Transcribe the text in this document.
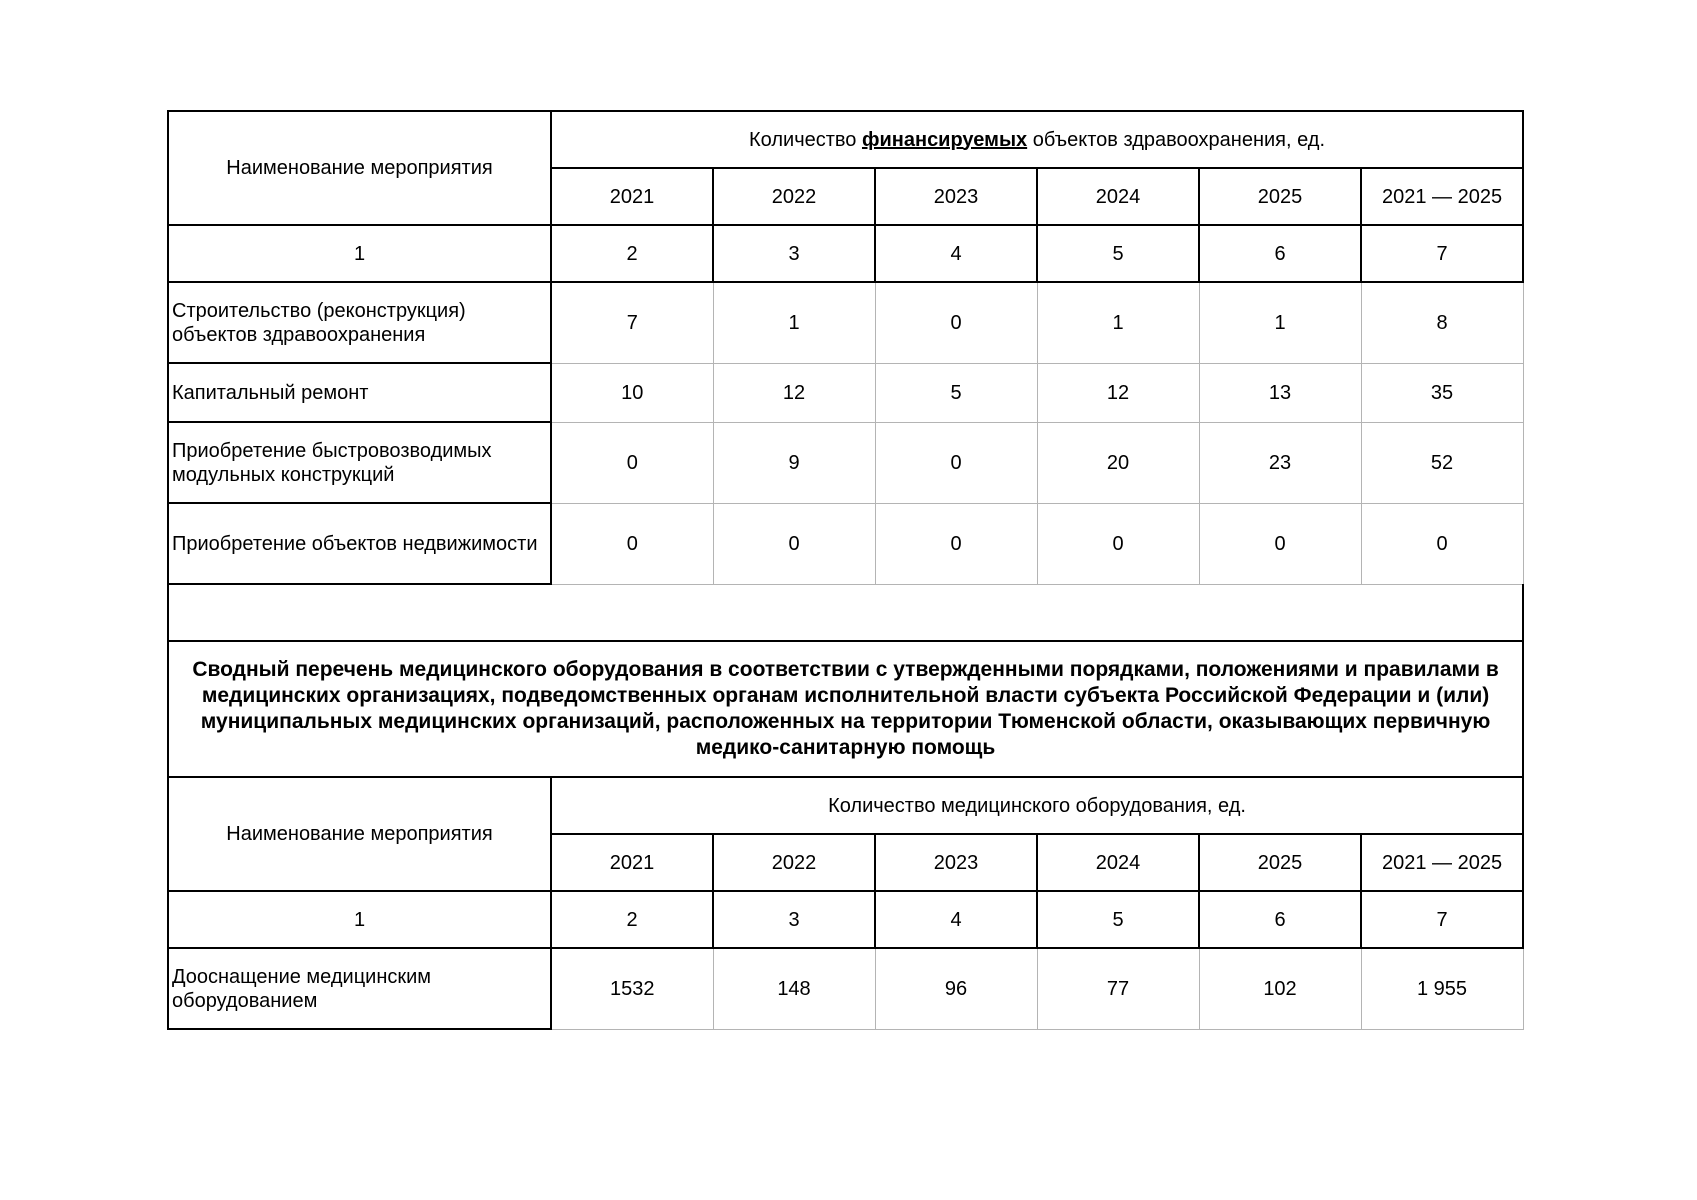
Наименование мероприятия	Количество финансируемых объектов здравоохранения, ед.					
	2021	2022	2023	2024	2025	2021 — 2025
1	2	3	4	5	6	7
Строительство (реконструкция) объектов здравоохранения	7	1	0	1	1	8
Капитальный ремонт	10	12	5	12	13	35
Приобретение быстровозводимых модульных конструкций	0	9	0	20	23	52
Приобретение объектов недвижимости	0	0	0	0	0	0

Сводный перечень медицинского оборудования в соответствии с утвержденными порядками, положениями и правилами в медицинских организациях, подведомственных органам исполнительной власти субъекта Российской Федерации и (или) муниципальных медицинских организаций, расположенных на территории Тюменской области, оказывающих первичную медико-санитарную помощь						
Наименование мероприятия	Количество медицинского оборудования, ед.					
	2021	2022	2023	2024	2025	2021 — 2025
1	2	3	4	5	6	7
Дооснащение медицинским оборудованием	1532	148	96	77	102	1 955
